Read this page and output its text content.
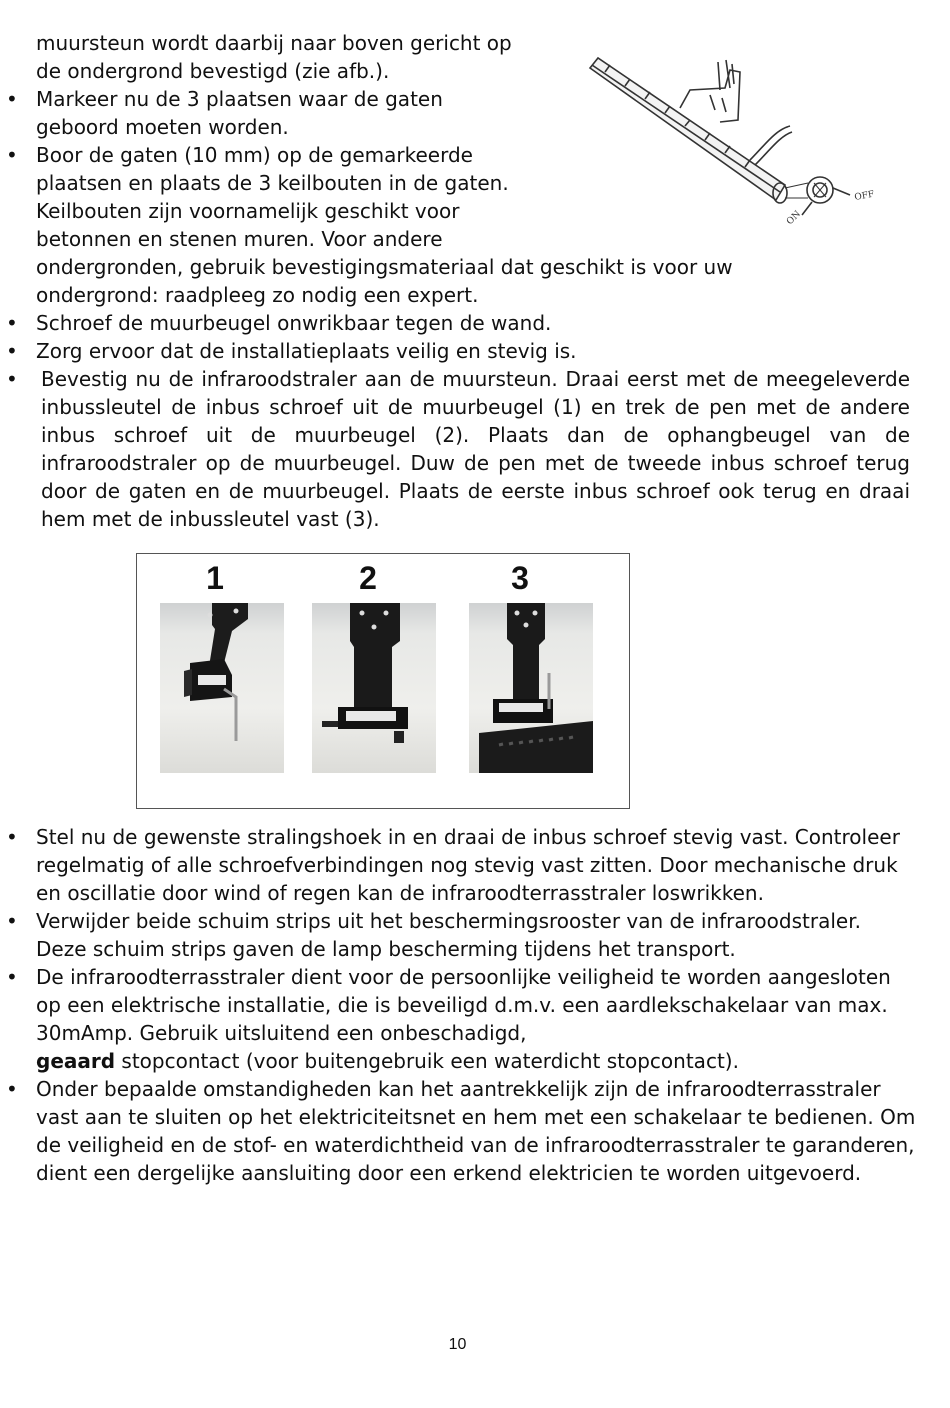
muursteun wordt daarbij naar boven gericht op
de ondergrond bevestigd (zie afb.).
• Markeer nu de 3 plaatsen waar de gaten
geboord moeten worden.
• Boor de gaten (10 mm) op de gemarkeerde
plaatsen en plaats de 3 keilbouten in de gaten.
Keilbouten zijn voornamelijk geschikt voor
betonnen en stenen muren. Voor andere
ondergronden, gebruik bevestigingsmateriaal dat geschikt is voor uw
ondergrond: raadpleeg zo nodig een expert.
• Schroef de muurbeugel onwrikbaar tegen de wand.
• Zorg ervoor dat de installatieplaats veilig en stevig is.
Bevestig nu de infraroodstraler aan de muursteun. Draai eerst met de meegeleverde inbussleutel de inbus schroef uit de muurbeugel (1) en trek de pen met de andere inbus schroef uit de muurbeugel (2). Plaats dan de ophangbeugel van de infraroodstraler op de muurbeugel. Duw de pen met de tweede inbus schroef terug door de gaten en de muurbeugel. Plaats de eerste inbus schroef ook terug en draai hem met de inbussleutel vast (3).
•
OFF
ON
1	2	3
• Stel nu de gewenste stralingshoek in en draai de inbus schroef stevig vast. Controleer regelmatig of alle schroefverbindingen nog stevig vast zitten. Door mechanische druk en oscillatie door wind of regen kan de infraroodterrasstraler loswrikken.
• Verwijder beide schuim strips uit het beschermingsrooster van de infraroodstraler. Deze schuim strips gaven de lamp bescherming tijdens het transport.
• De infraroodterrasstraler dient voor de persoonlijke veiligheid te worden aangesloten op een elektrische installatie, die is beveiligd d.m.v. een aardlekschakelaar van max. 30mAmp. Gebruik uitsluitend een onbeschadigd,
geaard stopcontact (voor buitengebruik een waterdicht stopcontact).
• Onder bepaalde omstandigheden kan het aantrekkelijk zijn de infraroodterrasstraler vast aan te sluiten op het elektriciteitsnet en hem met een schakelaar te bedienen. Om de veiligheid en de stof- en waterdichtheid van de infraroodterrasstraler te garanderen, dient een dergelijke aansluiting door een erkend elektricien te worden uitgevoerd.
10
